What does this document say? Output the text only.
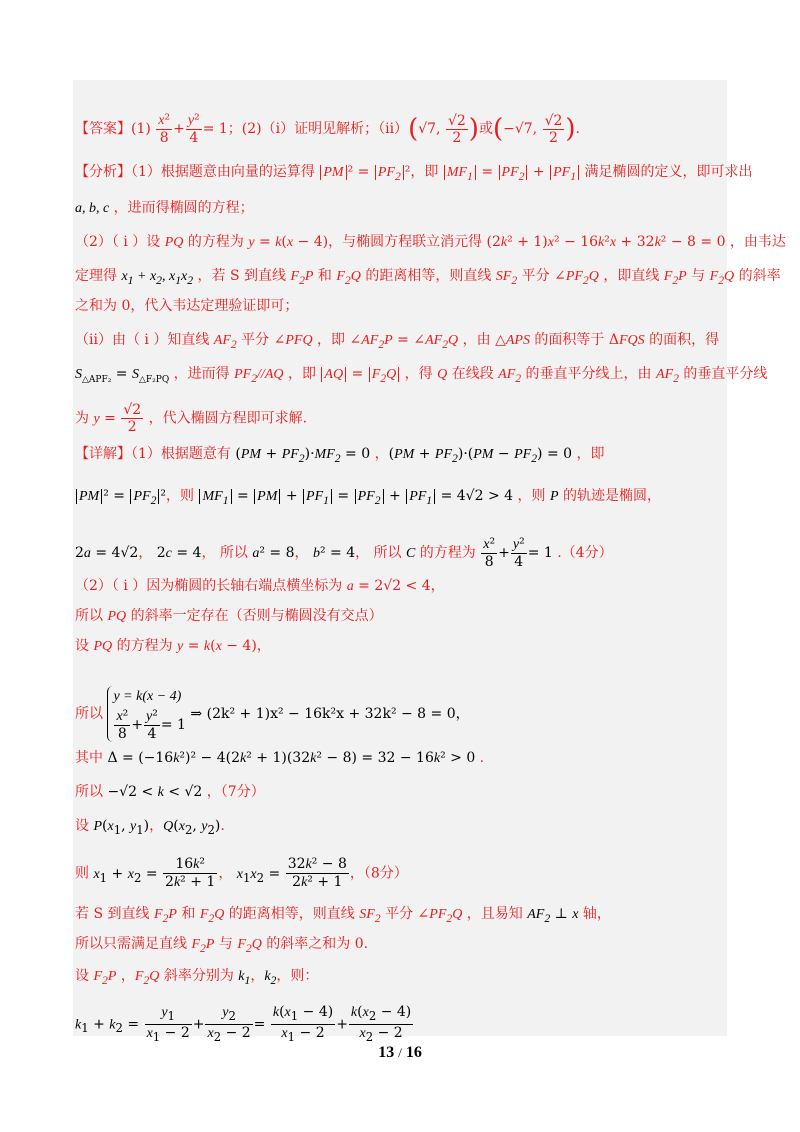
【答案】$(1) \frac{\text{x²}}{8} + \frac{\text{y²}}{4} = 1$；(2)（i）证明见解析；（ii）(√7, $\frac{√2}{2}$ )或(−√7, $\frac{√2}{2}$ ).
【分析】（1）根据题意由向量的运算得 PM $^2 = PF_2$ ²，即 $MF_1 = PF_2 + PF_1$ 满足椭圆的定义，即可求出
a, b, c ，进而得椭圆的方程；
（2）（ i ）设 PQ 的方程为 y = k(x − 4)，与椭圆方程联立消元得 (2k² + 1)x² − 16k²x + 32k² − 8 = 0 ，由韦达
定理得 $x_1 + x_2$, $x_1x_2$ ，若 S 到直线 $F_2P$ 和 $F_2Q$ 的距离相等，则直线 $SF_2$ 平分 $\angle PF_2Q$ ，即直线 $F_2P$ 与 $F_2Q$ 的斜率
之和为 0，代入韦达定理验证即可；
（ii）由（ i ）知直线 $AF_2$ 平分 ∠PFQ ，即 $\angle AF_2P$ = $\angle AF_2Q$ ，由 △APS 的面积等于 ΔFQS 的面积，得
$S_{\triangle APF_2} = S_{\triangle F_2PQ}$ ，进而得 $PF_2//AQ$ ，即 AQ = $F_2Q$ ，得 Q 在线段 $AF_2$ 的垂直平分线上，由 $AF_2$ 的垂直平分线
为 $y = \frac{√2}{2}$ ，代入椭圆方程即可求解.
【详解】（1）根据题意有 $(PM + PF_2)\cdot MF_2 = 0$ ，$(PM + PF_2)\cdot(PM - PF_2) = 0$ ，即
PM $^2 = PF_2$ ²，则 $MF_1$ = PM + $PF_1 = PF_2 + PF_1 = 4√2 > 4$ ，则 P 的轨迹是椭圆，
2a = 4√2， 2c = 4， 所以 a² = 8， b² = 4， 所以 C 的方程为 $\frac{\text{x²}}{8} + \frac{\text{y²}}{4} = 1$ .（4分）
（2）（ i ）因为椭圆的长轴右端点横坐标为 a = 2√2 < 4，
所以 PQ 的斜率一定存在（否则与椭圆没有交点）
设 PQ 的方程为 y = k(x − 4)，
所以
y = k(x − 4)
$\frac{\text{x²}}{8} + \frac{\text{y²}}{4} = 1$
⇒ (2k² + 1)x² − 16k²x + 32k² − 8 = 0，
其中 Δ = (−16k²)² − 4(2k² + 1)(32k² − 8) = 32 − 16k² > 0 .
所以 −√2 < k < √2 ，（7分）
设 $P(x_1$, $y_1$)，$Q(x_2$, $y_2$).
则 $x_1 + x_2 = \frac{\text{16k²}}{\text{2k² + 1}}$ ， $x_1x_2 = \frac{\text{32k² − 8}}{\text{2k² + 1}}$ ，（8分）
若 S 到直线 $F_2P$ 和 $F_2Q$ 的距离相等，则直线 $SF_2$ 平分 $\angle PF_2Q$ ，且易知 $AF_2$ ⊥ x 轴，
所以只需满足直线 $F_2P$ 与 $F_2Q$ 的斜率之和为 0.
设 $F_2P$ ，$F_2Q$ 斜率分别为 $k_1$，$k_2$，则：
$k_1 + k_2 = \frac{y_1}{x_1 - 2} + \frac{y_2}{x_2 - 2} = \frac{k(x_1 - 4)}{x_1 - 2} + \frac{k(x_2 - 4)}{x_2 - 2}$
13 / 16
